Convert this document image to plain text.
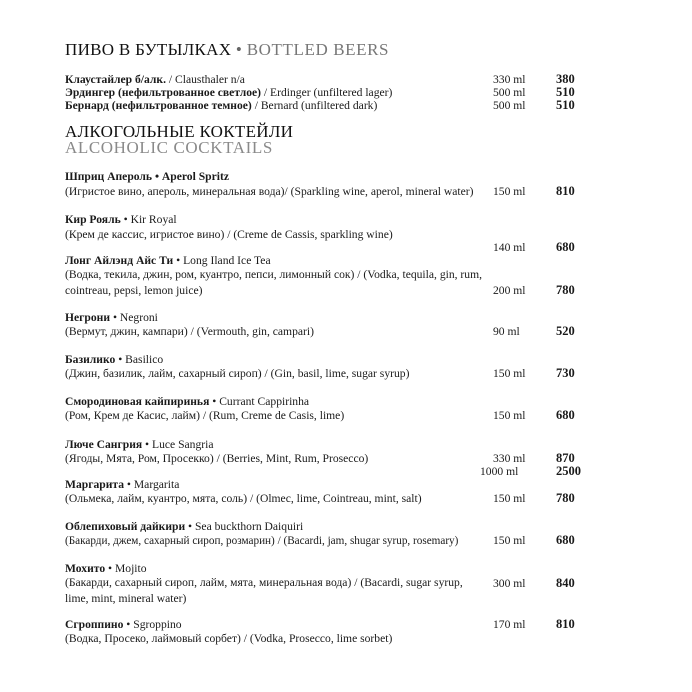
ПИВО В БУТЫЛКАХ • BOTTLED BEERS
Клаустайлер б/алк. / Clausthaler n/a	330 ml 380
Эрдингер (нефильтрованное светлое) / Erdinger (unfiltered lager)	500 ml 510
Бернард (нефильтрованное темное) / Bernard (unfiltered dark)	500 ml 510
АЛКОГОЛЬНЫЕ КОКТЕЙЛИ
ALCOHOLIC COCKTAILS
Шприц Апероль • Aperol Spritz
(Игристое вино, апероль, минеральная вода)/ (Sparkling wine, aperol, mineral water) 150 ml 810
Кир Рояль • Kir Royal
(Крем де кассис, игристое вино) / (Creme de Cassis, sparkling wine)
140 ml 680
Лонг Айлэнд Айс Ти • Long Iland Ice Tea
(Водка, текила, джин, ром, куантро, пепси, лимонный сок) / (Vodka, tequila, gin, rum, cointreau, pepsi, lemon juice)	200 ml 780
Негрони • Negroni
(Вермут, джин, кампари) / (Vermouth, gin, campari)	90 ml	520
Базилико • Basilico
(Джин, базилик, лайм, сахарный сироп) / (Gin, basil, lime, sugar syrup)	150 ml 730
Смородиновая кайпиринья • Currant Cappirinha
(Ром, Крем де Касис, лайм) / (Rum, Creme de Casis, lime)	150 ml 680
Люче Сангрия • Luce Sangria
(Ягоды, Мята, Ром, Просекко) / (Berries, Mint, Rum, Prosecco)	330 ml 870
1000 ml	2500
Маргарита • Margarita
(Ольмека, лайм, куантро, мята, соль) / (Olmec, lime, Cointreau, mint, salt)	150 ml 780
Облепиховый дайкири • Sea buckthorn Daiquiri
(Бакарди, джем, сахарный сироп, розмарин) / (Bacardi, jam, shugar syrup, rosemary)	150 ml 680
Мохито • Mojito
(Бакарди, сахарный сироп, лайм, мята, минеральная вода) / (Bacardi, sugar syrup, lime, mint, mineral water)
300 ml 840
Сгроппино • Sgroppino
(Водка, Просеко, лаймовый сорбет) / (Vodka, Prosecco, lime sorbet)
170 ml 810
